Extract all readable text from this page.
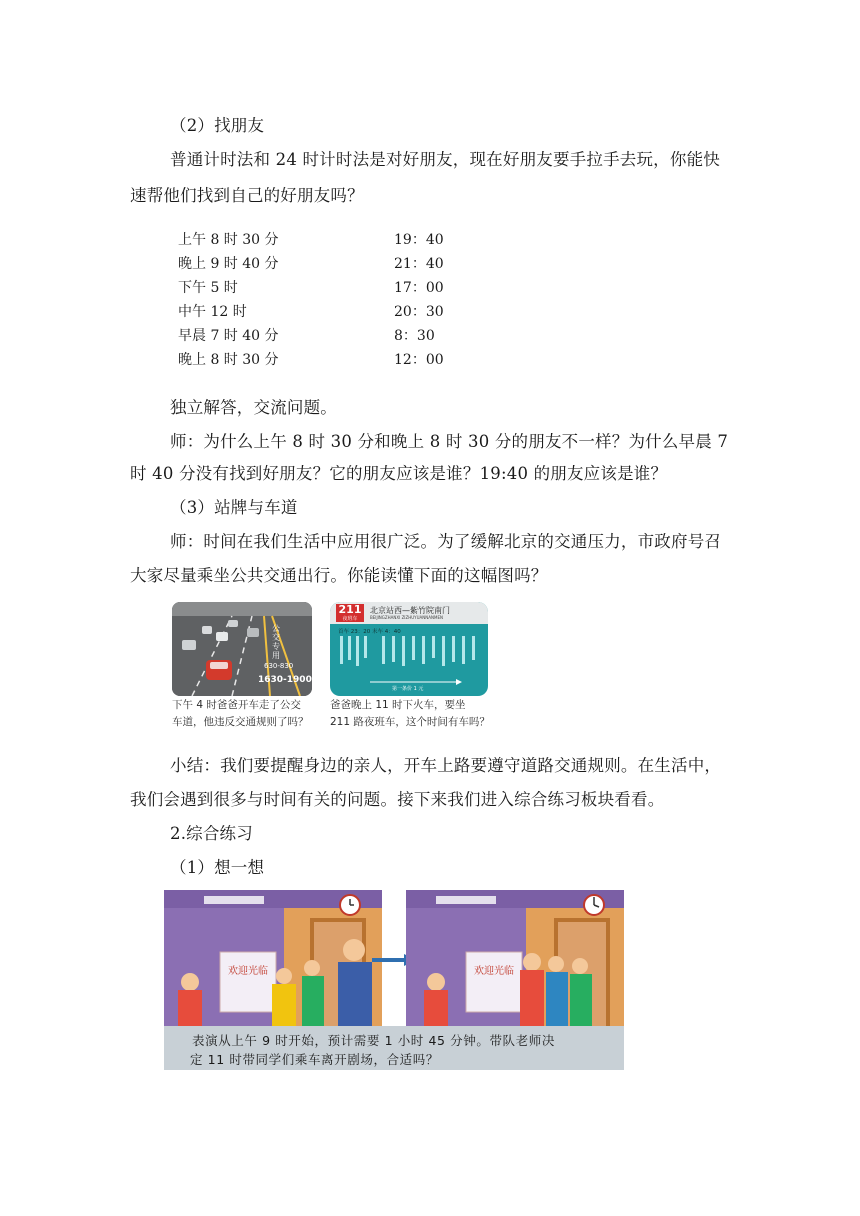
（2）找朋友
普通计时法和 24 时计时法是对好朋友，现在好朋友要手拉手去玩，你能快
速帮他们找到自己的好朋友吗？
上午 8 时 30 分	19：40
晚上 9 时 40 分	21：40
下午 5 时	17：00
中午 12 时	20：30
早晨 7 时 40 分	8：30
晚上 8 时 30 分	12：00
独立解答，交流问题。
师：为什么上午 8 时 30 分和晚上 8 时 30 分的朋友不一样？为什么早晨 7
时 40 分没有找到好朋友？它的朋友应该是谁？19:40 的朋友应该是谁？
（3）站牌与车道
师：时间在我们生活中应用很广泛。为了缓解北京的交通压力，市政府号召
大家尽量乘坐公共交通出行。你能读懂下面的这幅图吗？
公交专用
630-830
1630-1900
211
夜班车
北京站西—紫竹院南门
BEIJINGZHANXI ZIZHUYUANNANMEN
首车 23：20 末车 4：40
第一条价 1 元
下午 4 时爸爸开车走了公交
车道，他违反交通规则了吗？
爸爸晚上 11 时下火车，要坐
211 路夜班车，这个时间有车吗？
小结：我们要提醒身边的亲人，开车上路要遵守道路交通规则。在生活中，
我们会遇到很多与时间有关的问题。接下来我们进入综合练习板块看看。
2.综合练习
（1）想一想
欢迎光临	欢迎光临
表演从上午 9 时开始，预计需要 1 小时 45 分钟。带队老师决
定 11 时带同学们乘车离开剧场，合适吗？
